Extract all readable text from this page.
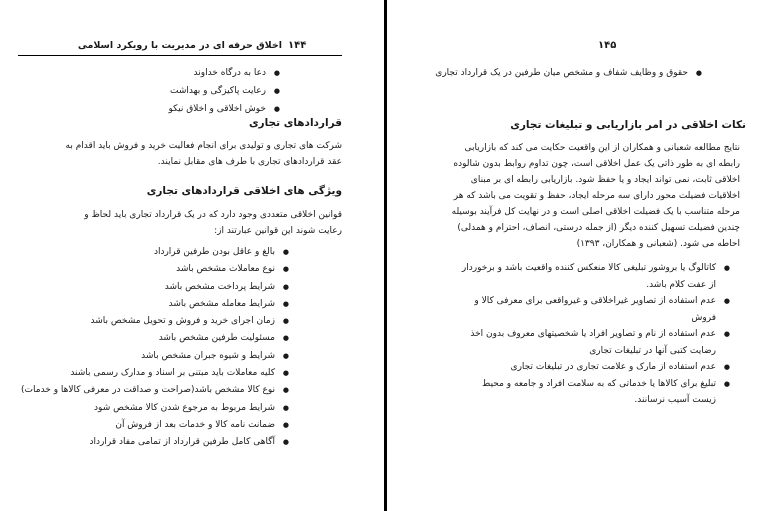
۱۴۴
اخلاق حرفه ای در مدیریت با رویکرد اسلامی
● دعا به درگاه خداوند
● رعایت پاکیزگی و بهداشت
● خوش اخلاقی و اخلاق نیکو
قراردادهای تجاری
شرکت های تجاری و تولیدی برای انجام فعالیت خرید و فروش باید اقدام به
عقد قراردادهای تجاری با طرف های مقابل نمایند.
ویژگی های اخلاقی قراردادهای تجاری
قوانین اخلاقی متعددی وجود دارد که در یک قرارداد تجاری باید لحاظ و
رعایت شوند این قوانین عبارتند از:
● بالغ و عاقل بودن طرفین قرارداد
● نوع معاملات مشخص باشد
● شرایط پرداخت مشخص باشد
● شرایط معامله مشخص باشد
● زمان اجرای خرید و فروش و تحویل مشخص باشد
● مسئولیت طرفین مشخص باشد
● شرایط و شیوه جبران مشخص باشد
● کلیه معاملات باید مبتنی بر اسناد و مدارک رسمی باشند
● نوع کالا مشخص باشد(صراحت و صداقت در معرفی کالاها و خدمات)
● شرایط مربوط به مرجوع شدن کالا مشخص شود
● ضمانت نامه کالا و خدمات بعد از فروش آن
● آگاهی کامل طرفین قرارداد از تمامی مفاد قرارداد
۱۴۵
● حقوق و وظایف شفاف و مشخص میان طرفین در یک قرارداد تجاری
نکات اخلاقی در امر بازاریابی و تبلیغات تجاری
نتایج مطالعه شعبانی و همکاران از این واقعیت حکایت می کند که بازاریابی
رابطه ای به طور ذاتی یک عمل اخلاقی است، چون تداوم روابط بدون شالوده
اخلاقی ثابت، نمی تواند ایجاد و یا حفظ شود. بازاریابی رابطه ای بر مبنای
اخلاقیات فضیلت محور دارای سه مرحله ایجاد، حفظ و تقویت می باشد که هر
مرحله متناسب با یک فضیلت اخلاقی اصلی است و در نهایت کل فرآیند بوسیله
چندین فضیلت تسهیل کننده دیگر (از جمله درستی، انصاف، احترام و همدلی)
احاطه می شود. (شعبانی و همکاران، ۱۳۹۳)
● کاتالوگ یا بروشور تبلیغی کالا منعکس کننده واقعیت باشد و برخوردار
از عفت کلام باشد.
● عدم استفاده از تصاویر غیراخلاقی و غیرواقعی برای معرفی کالا و
فروش
● عدم استفاده از نام و تصاویر افراد یا شخصیتهای معروف بدون اخذ
رضایت کتبی آنها در تبلیغات تجاری
● عدم استفاده از مارک و علامت تجاری در تبلیغات تجاری
● تبلیغ برای کالاها یا خدماتی که به سلامت افراد و جامعه و محیط
زیست آسیب نرسانند.
